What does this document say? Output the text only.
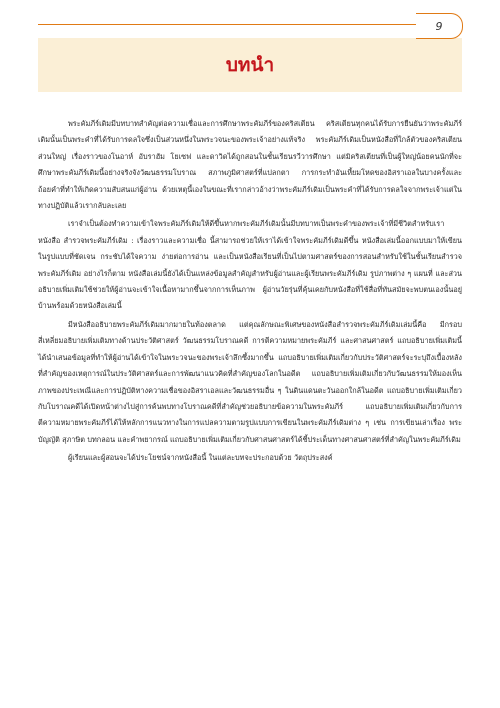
9
บทนำ

พระคัมภีร์เดิมมีบทบาทสำคัญต่อความเชื่อและการศึกษาพระคัมภีร์ของคริสเตียน คริสเตียนทุกคนได้รับการยืนยันว่าพระคัมภีร์เดิมนั้นเป็นพระคำที่ได้รับการดลใจซึ่งเป็นส่วนหนึ่งในพระวจนะของพระเจ้าอย่างแท้จริง พระคัมภีร์เดิมเป็นหนังสือที่ใกล้ตัวของคริสเตียนส่วนใหญ่ เรื่องราวของโนอาห์ อับราฮัม โยเซฟ และดาวิดได้ถูกสอนในชั้นเรียนรวีวารศึกษา แต่มิคริสเตียนที่เป็นผู้ใหญ่น้อยคนนักที่จะศึกษาพระคัมภีร์เดิมนี้อย่างจริงจังวัฒนธรรมโบราณ สภาพภูมิศาสตร์ที่แปลกตา การกระทำอันเหี้ยมโหดของอิสราเอลในบางครั้งและถ้อยคำที่ทำให้เกิดความสับสนแก่ผู้อ่าน ด้วยเหตุนี้เองในขณะที่เรากล่าวอ้างว่าพระคัมภีร์เดิมเป็นพระคำที่ได้รับการดลใจจากพระเจ้าแต่ในทางปฏิบัติแล้วเรากลับละเลย

เราจำเป็นต้องทำความเข้าใจพระคัมภีร์เดิมให้ดีขึ้นหากพระคัมภีร์เดิมนั้นมีบทบาทเป็นพระคำของพระเจ้าที่มีชีวิตสำหรับเรา หนังสือ สำรวจพระคัมภีร์เดิม : เรื่องราวและความเชื่อ นี้สามารถช่วยให้เราได้เข้าใจพระคัมภีร์เดิมดีขึ้น หนังสือเล่มนี้ออกแบบมาให้เขียนในรูปแบบที่ชัดเจน กระชับได้ใจความ ง่ายต่อการอ่าน และเป็นหนังสือเรียนที่เป็นไปตามศาสตร์ของการสอนสำหรับใช้ในชั้นเรียนสำรวจพระคัมภีร์เดิม อย่างไรก็ตาม หนังสือเล่มนี้ยังได้เป็นแหล่งข้อมูลสำคัญสำหรับผู้อ่านและผู้เรียนพระคัมภีร์เดิม รูปภาพต่าง ๆ แผนที่ และส่วนอธิบายเพิ่มเติมใช้ช่วยให้ผู้อ่านจะเข้าใจเนื้อหามากขึ้นจากการเห็นภาพ ผู้อ่านวัยรุ่นที่คุ้นเคยกับหนังสือที่ใช้สื่อที่ทันสมัยจะพบตนเองนั้นอยู่บ้านพร้อมด้วยหนังสือเล่มนี้

มีหนังสืออธิบายพระคัมภีร์เดิมมากมายในท้องตลาด แต่คุณลักษณะพิเศษของหนังสือสำรวจพระคัมภีร์เดิมเล่มนี้คือ มีกรอบสี่เหลี่ยมอธิบายเพิ่มเติมทางด้านประวัติศาสตร์ วัฒนธรรมโบราณคดี การตีความหมายพระคัมภีร์ และศาสนศาสตร์ แถบอธิบายเพิ่มเติมนี้ได้นำเสนอข้อมูลที่ทำให้ผู้อ่านได้เข้าใจในพระวจนะของพระเจ้าลึกซึ้งมากขึ้น แถบอธิบายเพิ่มเติมเกี่ยวกับประวัติศาสตร์จะระบุถึงเบื้องหลังที่สำคัญของเหตุการณ์ในประวัติศาสตร์และการพัฒนาแนวคิดที่สำคัญของโลกในอดีต แถบอธิบายเพิ่มเติมเกี่ยวกับวัฒนธรรมให้มองเห็นภาพของประเพณีและการปฏิบัติทางความเชื่อของอิสราเอลและวัฒนธรรมอื่น ๆ ในดินแดนตะวันออกใกล้ในอดีต แถบอธิบายเพิ่มเติมเกี่ยวกับโบราณคดีได้เปิดหน้าต่างไปสู่การค้นพบทางโบราณคดีที่สำคัญช่วยอธิบายข้อความในพระคัมภีร์ แถบอธิบายเพิ่มเติมเกี่ยวกับการตีความหมายพระคัมภีร์ได้ให้หลักการแนวทางในการแปลความตามรูปแบบการเขียนในพระคัมภีร์เดิมต่าง ๆ เช่น การเขียนเล่าเรื่อง พระบัญญัติ สุภาษิต บทกลอน และคำพยากรณ์ แถบอธิบายเพิ่มเติมเกี่ยวกับศาสนศาสตร์ได้ชี้ประเด็นทางศาสนศาสตร์ที่สำคัญในพระคัมภีร์เดิม

ผู้เรียนและผู้สอนจะได้ประโยชน์จากหนังสือนี้ ในแต่ละบทจะประกอบด้วย วัตถุประสงค์
